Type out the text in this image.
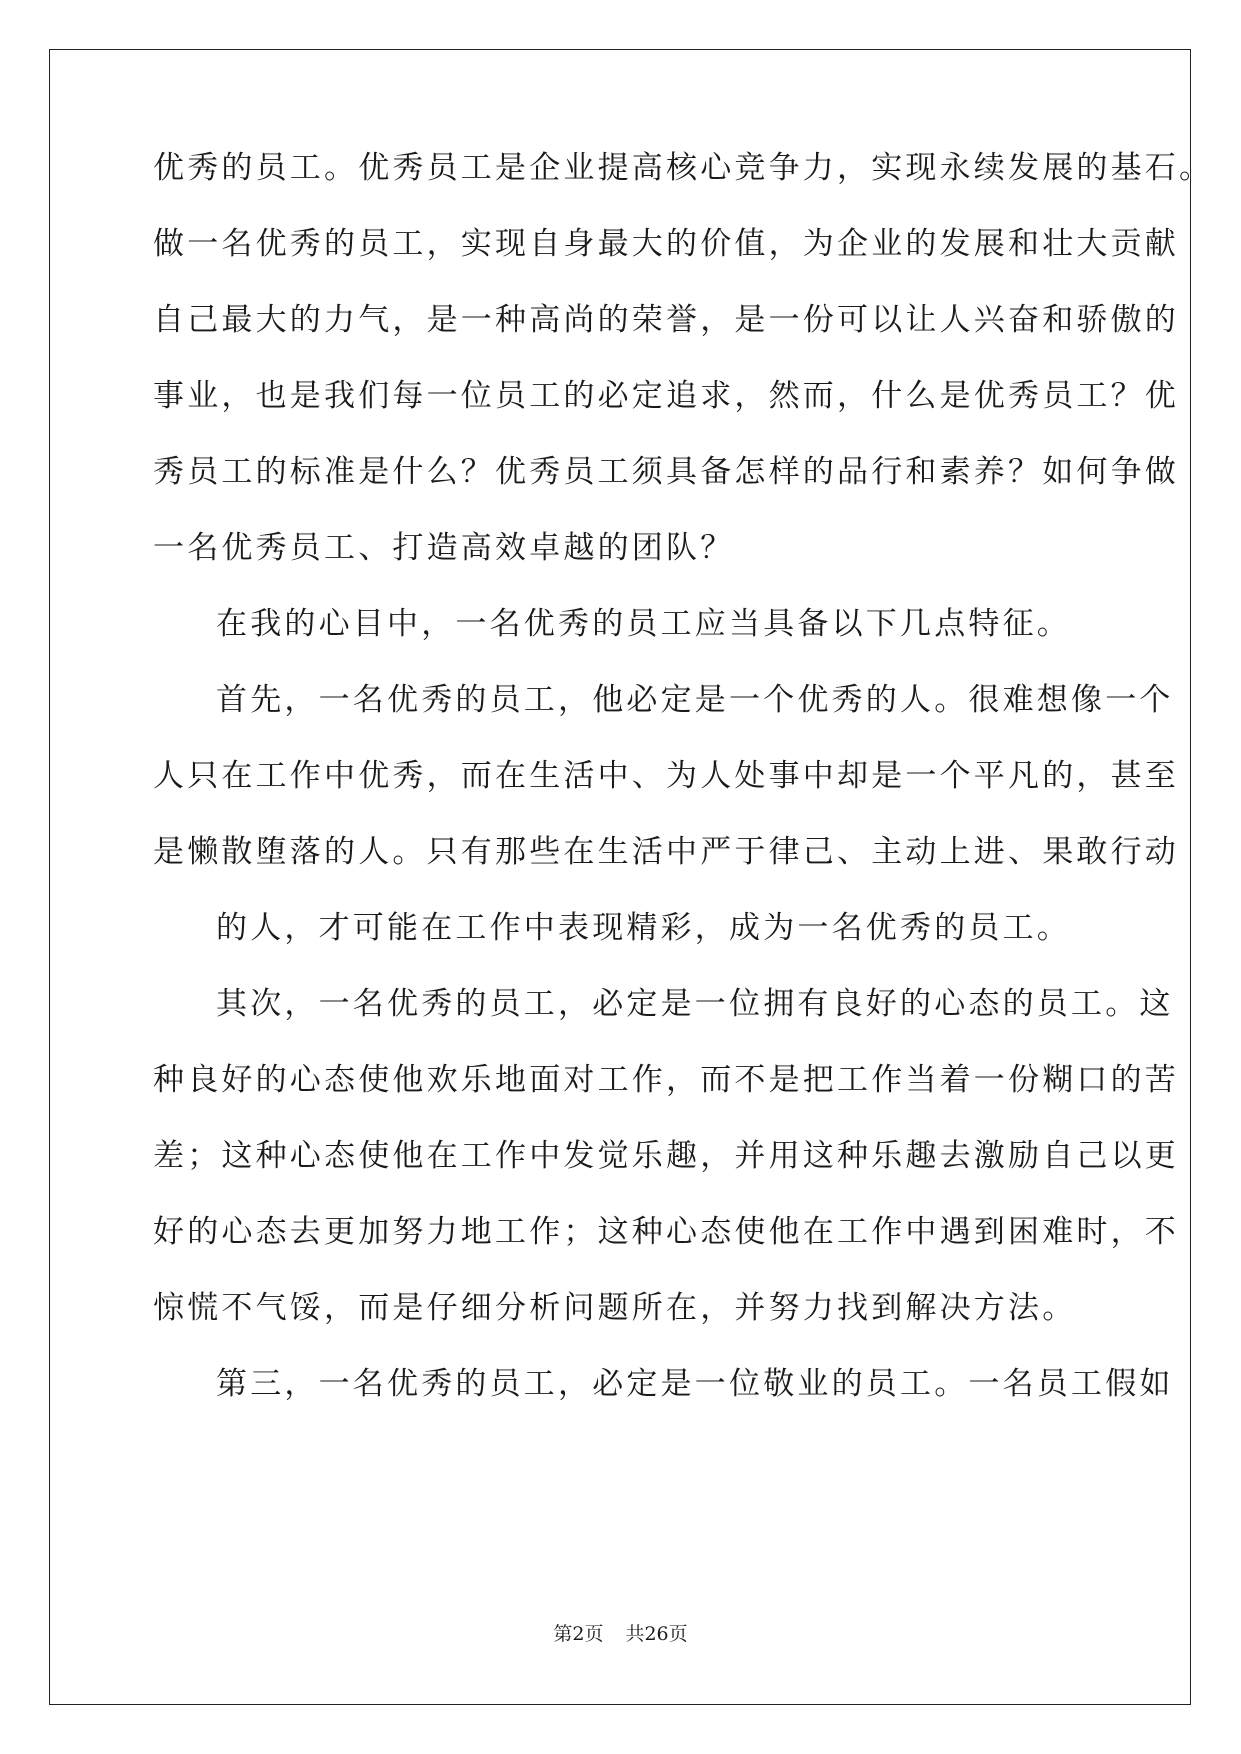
优秀的员工。优秀员工是企业提高核心竞争力，实现永续发展的基石。
做一名优秀的员工，实现自身最大的价值，为企业的发展和壮大贡献
自己最大的力气，是一种高尚的荣誉，是一份可以让人兴奋和骄傲的
事业，也是我们每一位员工的必定追求，然而，什么是优秀员工？优
秀员工的标准是什么？优秀员工须具备怎样的品行和素养？如何争做
一名优秀员工、打造高效卓越的团队？
在我的心目中，一名优秀的员工应当具备以下几点特征。
首先，一名优秀的员工，他必定是一个优秀的人。很难想像一个
人只在工作中优秀，而在生活中、为人处事中却是一个平凡的，甚至
是懒散堕落的人。只有那些在生活中严于律己、主动上进、果敢行动
的人，才可能在工作中表现精彩，成为一名优秀的员工。
其次，一名优秀的员工，必定是一位拥有良好的心态的员工。这
种良好的心态使他欢乐地面对工作，而不是把工作当着一份糊口的苦
差；这种心态使他在工作中发觉乐趣，并用这种乐趣去激励自己以更
好的心态去更加努力地工作；这种心态使他在工作中遇到困难时，不
惊慌不气馁，而是仔细分析问题所在，并努力找到解决方法。
第三，一名优秀的员工，必定是一位敬业的员工。一名员工假如
第2页 共26页
